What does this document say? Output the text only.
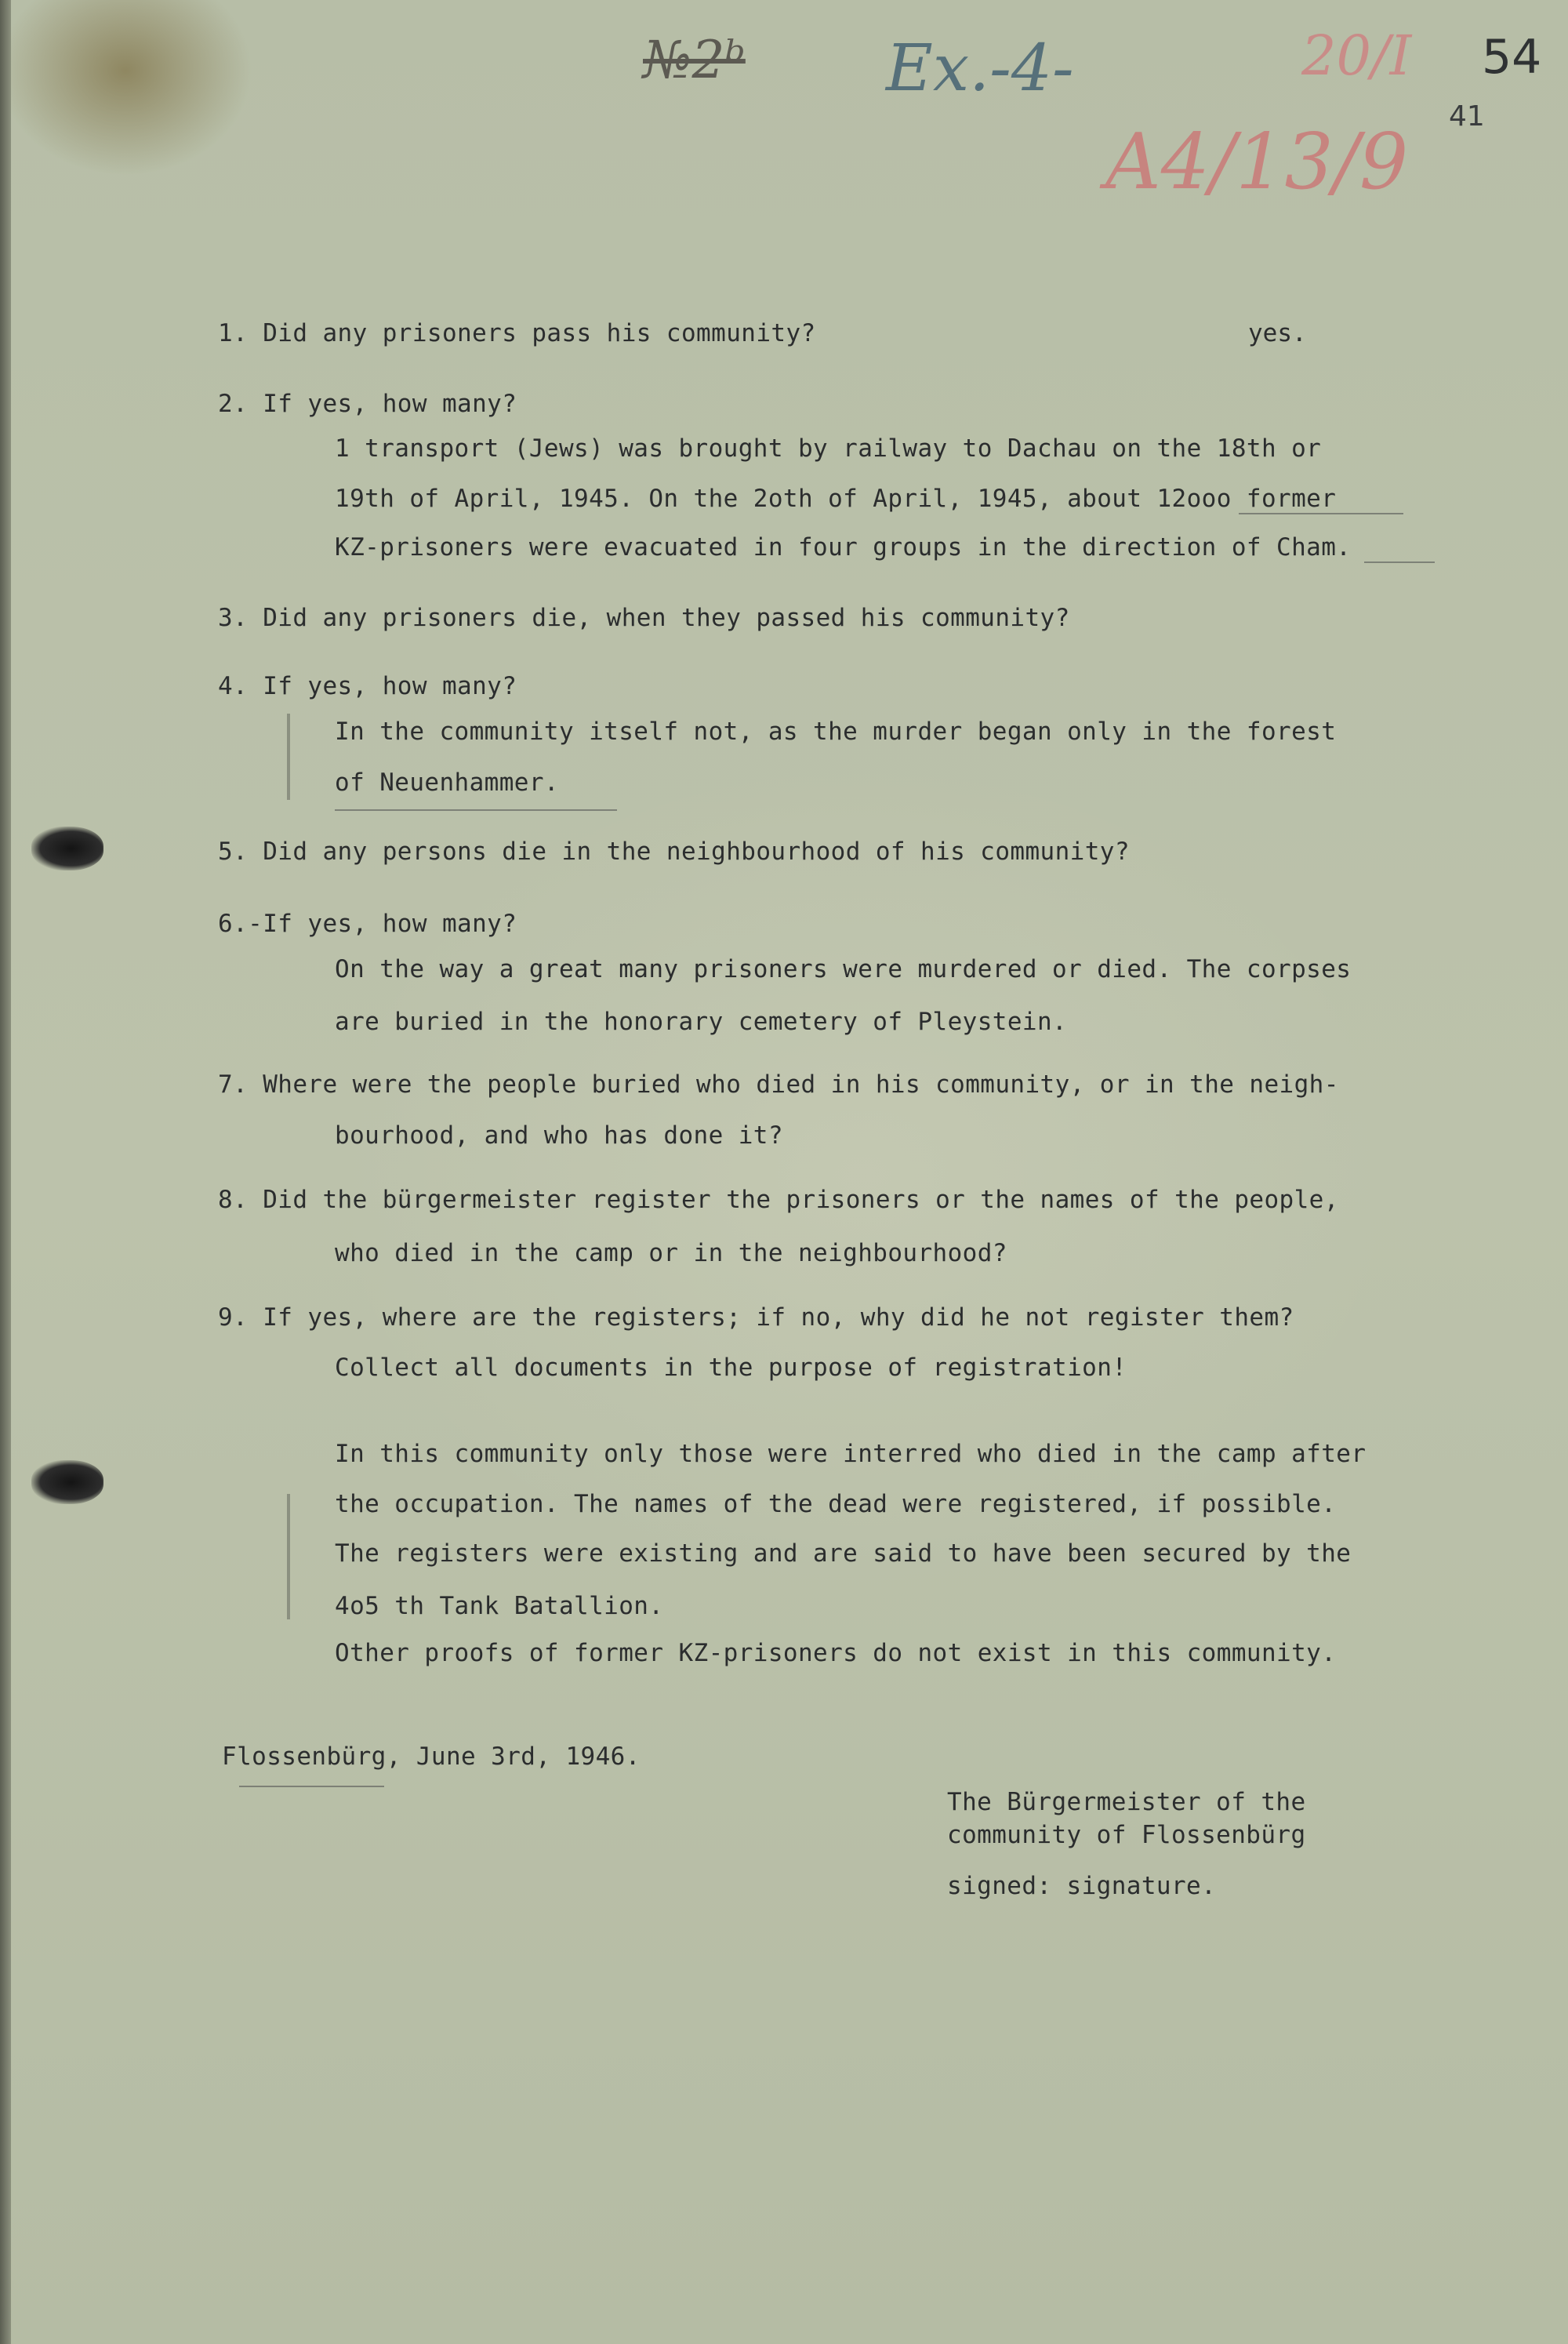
№2ᵇ Ex.-4-	20/I 54
41
A4/13/9
1. Did any prisoners pass his community?	yes.
2. If yes, how many?
1 transport (Jews) was brought by railway to Dachau on the 18th or
19th of April, 1945. On the 2oth of April, 1945, about 12ooo former
KZ-prisoners were evacuated in four groups in the direction of Cham.
3. Did any prisoners die, when they passed his community?
4. If yes, how many?
In the community itself not, as the murder began only in the forest
of Neuenhammer.
5. Did any persons die in the neighbourhood of his community?
6.-If yes, how many?
On the way a great many prisoners were murdered or died. The corpses
are buried in the honorary cemetery of Pleystein.
7. Where were the people buried who died in his community, or in the neigh-
bourhood, and who has done it?
8. Did the bürgermeister register the prisoners or the names of the people,
who died in the camp or in the neighbourhood?
9. If yes, where are the registers; if no, why did he not register them?
Collect all documents in the purpose of registration!
In this community only those were interred who died in the camp after
the occupation. The names of the dead were registered, if possible.
The registers were existing and are said to have been secured by the
4o5 th Tank Batallion.
Other proofs of former KZ-prisoners do not exist in this community.
Flossenbürg, June 3rd, 1946.
The Bürgermeister of the
community of Flossenbürg
signed: signature.
